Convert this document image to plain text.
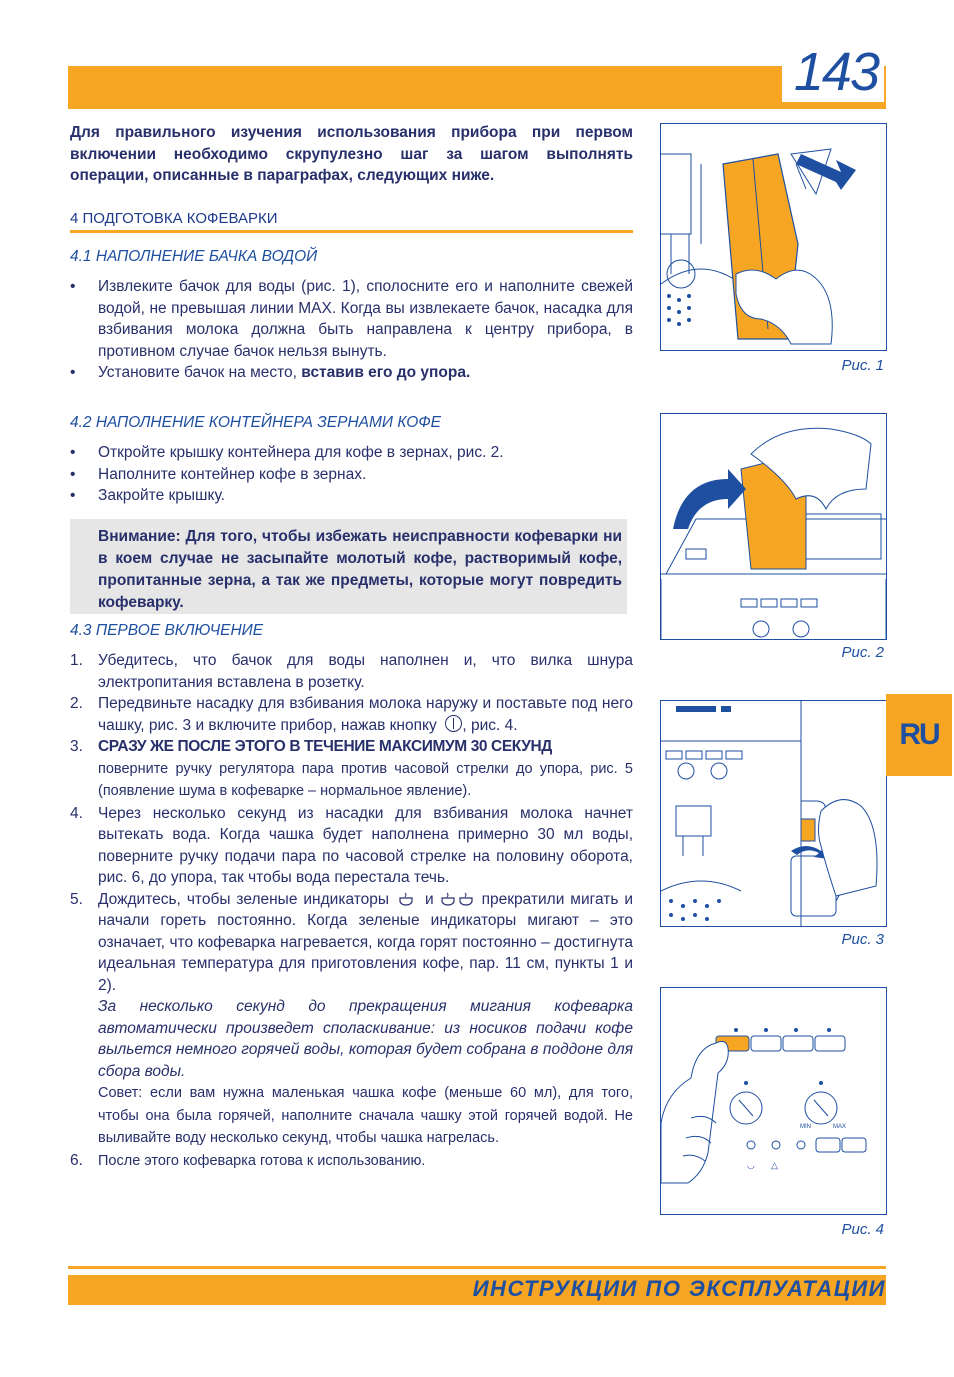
143
Для правильного изучения использования прибора при первом включении необходимо скрупулезно шаг за шагом выполнять операции, описанные в параграфах, следующих ниже.
4 ПОДГОТОВКА КОФЕВАРКИ
4.1 НАПОЛНЕНИЕ БАЧКА ВОДОЙ
• Извлеките бачок для воды (рис. 1), сполосните его и наполните свежей водой, не превышая линии MAX. Когда вы извлекаете бачок, насадка для взбивания молока должна быть направлена к центру прибора, в противном случае бачок нельзя вынуть.
• Установите бачок на место, вставив его до упора.
4.2 НАПОЛНЕНИЕ КОНТЕЙНЕРА ЗЕРНАМИ КОФЕ
• Откройте крышку контейнера для кофе в зернах, рис. 2.
• Наполните контейнер кофе в зернах.
• Закройте крышку.
Внимание: Для того, чтобы избежать неисправности кофеварки ни в коем случае не засыпайте молотый кофе, растворимый кофе, пропитанные зерна, а так же предметы, которые могут повредить кофеварку.
4.3 ПЕРВОЕ ВКЛЮЧЕНИЕ
1. Убедитесь, что бачок для воды наполнен и, что вилка шнура электропитания вставлена в розетку.
2. Передвиньте насадку для взбивания молока наружу и поставьте под него чашку, рис. 3 и включите прибор, нажав кнопку , рис. 4.
3. СРАЗУ ЖЕ ПОСЛЕ ЭТОГО В ТЕЧЕНИЕ МАКСИМУМ 30 СЕКУНД
поверните ручку регулятора пара против часовой стрелки до упора, рис. 5 (появление шума в кофеварке – нормальное явление).
4. Через несколько секунд из насадки для взбивания молока начнет вытекать вода. Когда чашка будет наполнена примерно 30 мл воды, поверните ручку подачи пара по часовой стрелке на половину оборота, рис. 6, до упора, так чтобы вода перестала течь.
5. Дождитесь, чтобы зеленые индикаторы и	прекратили мигать и начали гореть постоянно. Когда зеленые индикаторы мигают – это означает, что кофеварка нагревается, когда горят постоянно – достигнута идеальная температура для приготовления кофе, пар. 11 см, пункты 1 и 2).
За несколько секунд до прекращения мигания кофеварка автоматически произведет споласкивание: из носиков подачи кофе выльется немного горячей воды, которая будет собрана в поддоне для сбора воды.
Совет: если вам нужна маленькая чашка кофе (меньше 60 мл), для того, чтобы она была горячей, наполните сначала чашку этой горячей водой. Не выливайте воду несколько секунд, чтобы чашка нагрелась.
6. После этого кофеварка готова к использованию.
Рис. 1
Рис. 2
Рис. 3
MIN	MAX
◡ △
Рис. 4
RU
ИНСТРУКЦИИ ПО ЭКСПЛУАТАЦИИ
